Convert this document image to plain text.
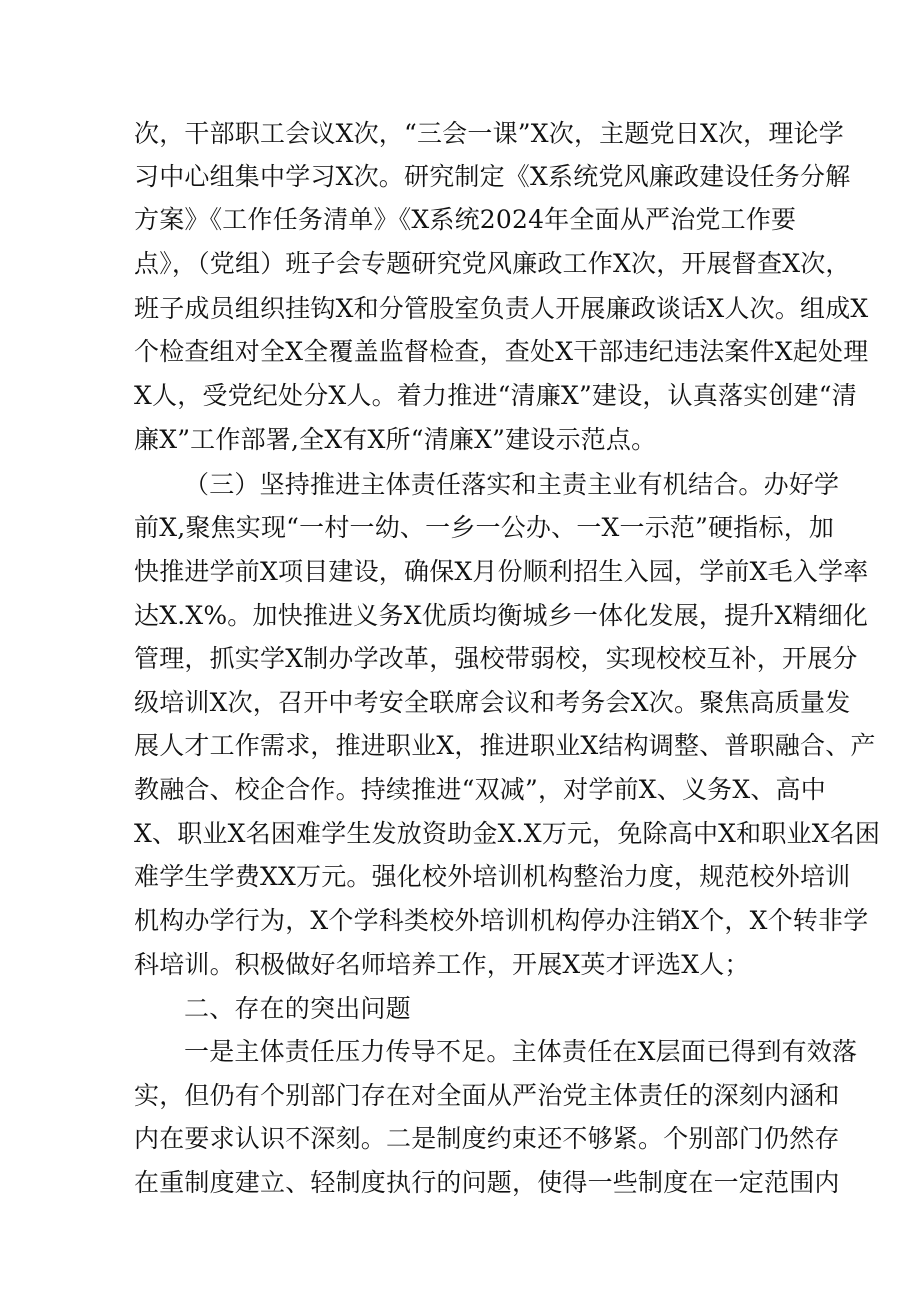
次，干部职工会议X次，“三会一课”X次，主题党日X次，理论学
习中心组集中学习X次。研究制定《X系统党风廉政建设任务分解
方案》《工作任务清单》《X系统2024年全面从严治党工作要
点》，（党组）班子会专题研究党风廉政工作X次，开展督查X次，
班子成员组织挂钩X和分管股室负责人开展廉政谈话X人次。组成X
个检查组对全X全覆盖监督检查，查处X干部违纪违法案件X起处理
X人，受党纪处分X人。着力推进“清廉X”建设，认真落实创建“清
廉X”工作部署,全X有X所“清廉X”建设示范点。
（三）坚持推进主体责任落实和主责主业有机结合。办好学
前X,聚焦实现“一村一幼、一乡一公办、一X一示范”硬指标，加
快推进学前X项目建设，确保X月份顺利招生入园，学前X毛入学率
达X.X%。加快推进义务X优质均衡城乡一体化发展，提升X精细化
管理，抓实学X制办学改革，强校带弱校，实现校校互补，开展分
级培训X次，召开中考安全联席会议和考务会X次。聚焦高质量发
展人才工作需求，推进职业X，推进职业X结构调整、普职融合、产
教融合、校企合作。持续推进“双减”，对学前X、义务X、高中
X、职业X名困难学生发放资助金X.X万元，免除高中X和职业X名困
难学生学费XX万元。强化校外培训机构整治力度，规范校外培训
机构办学行为，X个学科类校外培训机构停办注销X个，X个转非学
科培训。积极做好名师培养工作，开展X英才评选X人；
二、存在的突出问题
一是主体责任压力传导不足。主体责任在X层面已得到有效落
实，但仍有个别部门存在对全面从严治党主体责任的深刻内涵和
内在要求认识不深刻。二是制度约束还不够紧。个别部门仍然存
在重制度建立、轻制度执行的问题，使得一些制度在一定范围内
